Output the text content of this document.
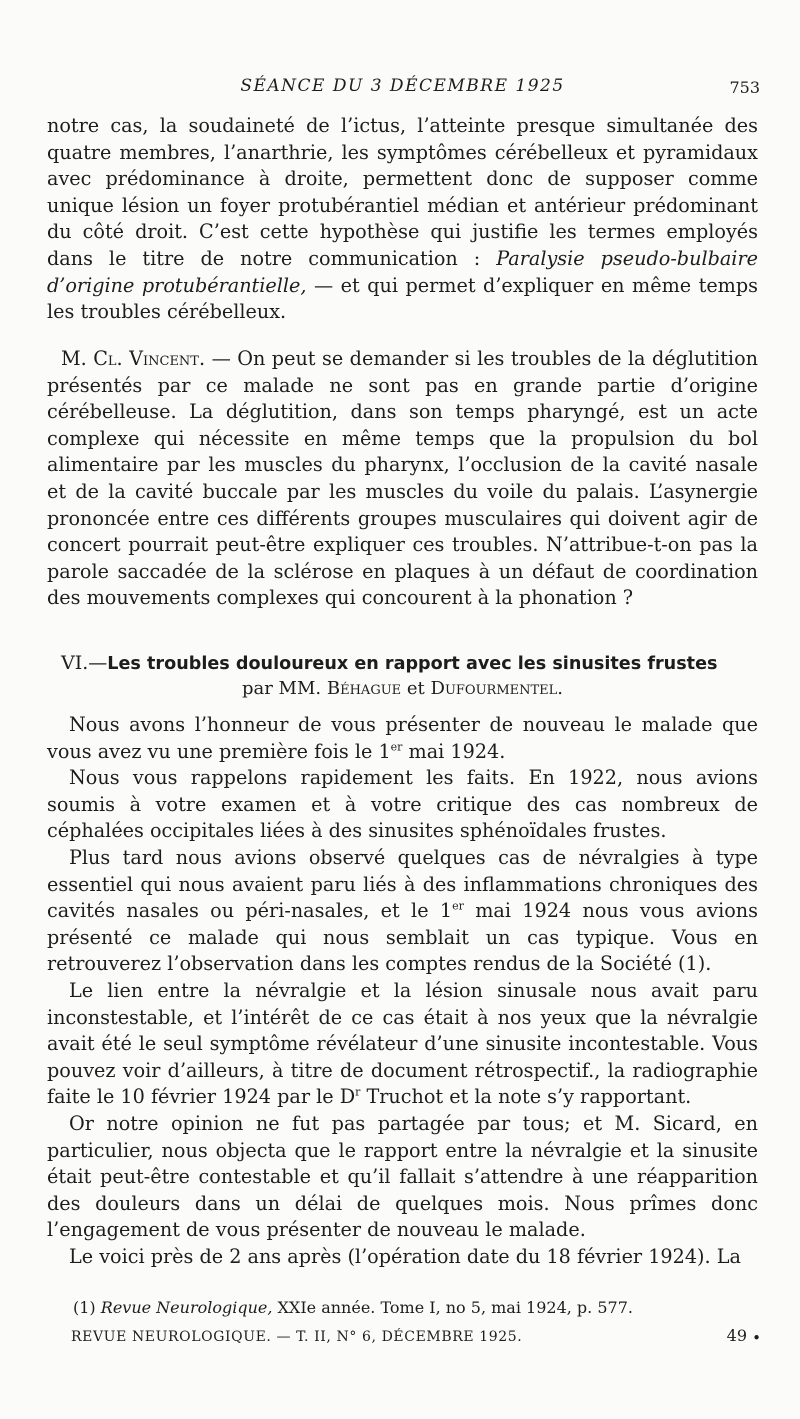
SÉANCE DU 3 DÉCEMBRE 1925	753

notre cas, la soudaineté de l’ictus, l’atteinte presque simultanée des quatre membres, l’anarthrie, les symptômes cérébelleux et pyramidaux avec prédominance à droite, permettent donc de supposer comme unique lésion un foyer protubérantiel médian et antérieur prédominant du côté droit. C’est cette hypothèse qui justifie les termes employés dans le titre de notre communication : Paralysie pseudo-bulbaire d’origine protubérantielle, — et qui permet d’expliquer en même temps les troubles cérébelleux.

M. Cl. Vincent. — On peut se demander si les troubles de la déglutition présentés par ce malade ne sont pas en grande partie d’origine cérébelleuse. La déglutition, dans son temps pharyngé, est un acte complexe qui nécessite en même temps que la propulsion du bol alimentaire par les muscles du pharynx, l’occlusion de la cavité nasale et de la cavité buccale par les muscles du voile du palais. L’asynergie prononcée entre ces différents groupes musculaires qui doivent agir de concert pourrait peut-être expliquer ces troubles. N’attribue-t-on pas la parole saccadée de la sclérose en plaques à un défaut de coordination des mouvements complexes qui concourent à la phonation ?

VI.—Les troubles douloureux en rapport avec les sinusites frustes
par MM. Béhague et Dufourmentel.

Nous avons l’honneur de vous présenter de nouveau le malade que vous avez vu une première fois le 1er mai 1924.

Nous vous rappelons rapidement les faits. En 1922, nous avions soumis à votre examen et à votre critique des cas nombreux de céphalées occipitales liées à des sinusites sphénoïdales frustes.

Plus tard nous avions observé quelques cas de névralgies à type essentiel qui nous avaient paru liés à des inflammations chroniques des cavités nasales ou péri-nasales, et le 1er mai 1924 nous vous avions présenté ce malade qui nous semblait un cas typique. Vous en retrouverez l’observation dans les comptes rendus de la Société (1).

Le lien entre la névralgie et la lésion sinusale nous avait paru inconstestable, et l’intérêt de ce cas était à nos yeux que la névralgie avait été le seul symptôme révélateur d’une sinusite incontestable. Vous pouvez voir d’ailleurs, à titre de document rétrospectif., la radiographie faite le 10 février 1924 par le $D^r$ Truchot et la note s’y rapportant.

Or notre opinion ne fut pas partagée par tous; et M. Sicard, en particulier, nous objecta que le rapport entre la névralgie et la sinusite était peut-être contestable et qu’il fallait s’attendre à une réapparition des douleurs dans un délai de quelques mois. Nous prîmes donc l’engagement de vous présenter de nouveau le malade.

Le voici près de 2 ans après (l’opération date du 18 février 1924). La

(1) Revue Neurologique, XXIe année. Tome I, no 5, mai 1924, p. 577.
REVUE NEUROLOGIQUE. — T. II, N° 6, DÉCEMBRE 1925.	49 •
